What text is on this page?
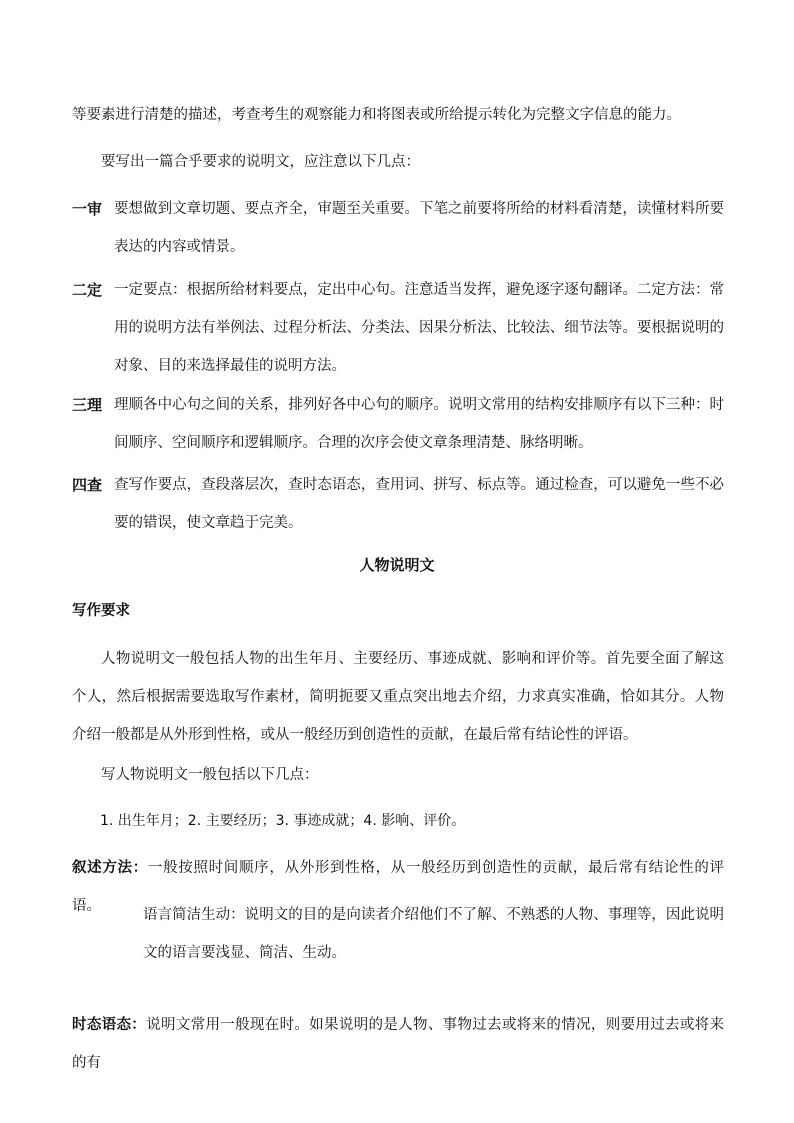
等要素进行清楚的描述，考查考生的观察能力和将图表或所给提示转化为完整文字信息的能力。

要写出一篇合乎要求的说明文，应注意以下几点：

一审 要想做到文章切题、要点齐全，审题至关重要。下笔之前要将所给的材料看清楚，读懂材料所要表达的内容或情景。
二定 一定要点：根据所给材料要点，定出中心句。注意适当发挥，避免逐字逐句翻译。二定方法：常用的说明方法有举例法、过程分析法、分类法、因果分析法、比较法、细节法等。要根据说明的对象、目的来选择最佳的说明方法。
三理 理顺各中心句之间的关系，排列好各中心句的顺序。说明文常用的结构安排顺序有以下三种：时间顺序、空间顺序和逻辑顺序。合理的次序会使文章条理清楚、脉络明晰。
四查 查写作要点，查段落层次，查时态语态，查用词、拼写、标点等。通过检查，可以避免一些不必要的错误，使文章趋于完美。
人物说明文
写作要求

人物说明文一般包括人物的出生年月、主要经历、事迹成就、影响和评价等。首先要全面了解这个人，然后根据需要选取写作素材，简明扼要又重点突出地去介绍，力求真实准确，恰如其分。人物介绍一般都是从外形到性格，或从一般经历到创造性的贡献，在最后常有结论性的评语。

写人物说明文一般包括以下几点：

1. 出生年月；2. 主要经历；3. 事迹成就；4. 影响、评价。

叙述方法：一般按照时间顺序，从外形到性格，从一般经历到创造性的贡献，最后常有结论性的评语。

语言简洁生动：说明文的目的是向读者介绍他们不了解、不熟悉的人物、事理等，因此说明文的语言要浅显、简洁、生动。

时态语态：说明文常用一般现在时。如果说明的是人物、事物过去或将来的情况，则要用过去或将来的有
